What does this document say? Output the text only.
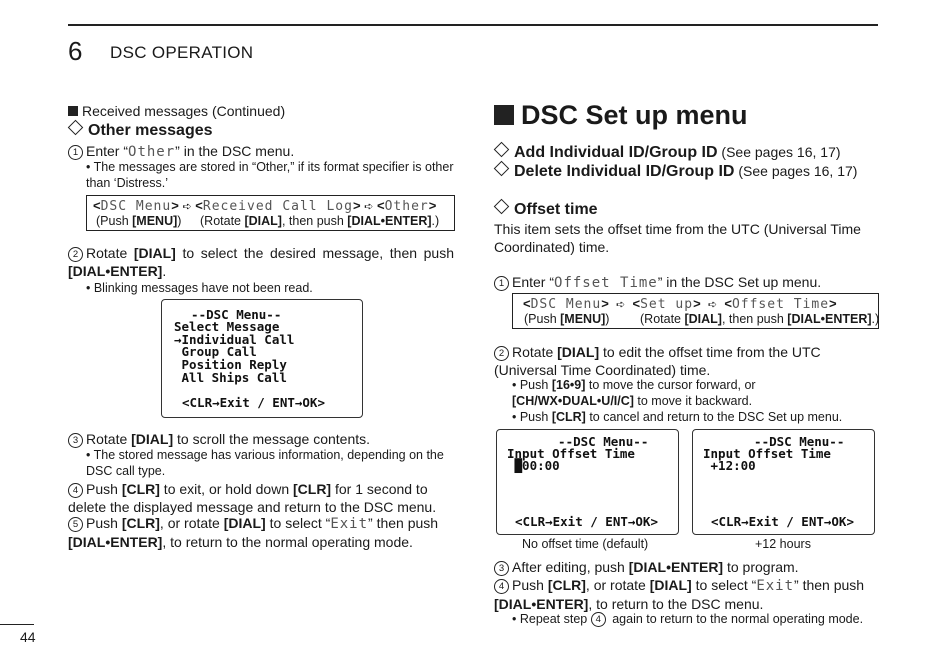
6 DSC OPERATION
Received messages (Continued)
Other messages
1 Enter “Other” in the DSC menu.
• The messages are stored in “Other,” if its format specifier is other than ‘Distress.’
<DSC Menu> ➪ <Received Call Log> ➪ <Other>
(Push [MENU]) (Rotate [DIAL], then push [DIAL•ENTER].)
2 Rotate [DIAL] to select the desired message, then push [DIAL•ENTER].
• Blinking messages have not been read.
--DSC Menu--
Select Message
→Individual Call
Group Call
Position Reply
All Ships Call
<CLR→Exit / ENT→OK>
3 Rotate [DIAL] to scroll the message contents.
• The stored message has various information, depending on the DSC call type.
4 Push [CLR] to exit, or hold down [CLR] for 1 second to delete the displayed message and return to the DSC menu.
5 Push [CLR], or rotate [DIAL] to select “Exit” then push [DIAL•ENTER], to return to the normal operating mode.
DSC Set up menu
Add Individual ID/Group ID (See pages 16, 17)
Delete Individual ID/Group ID (See pages 16, 17)
Offset time
This item sets the offset time from the UTC (Universal Time Coordinated) time.
1 Enter “Offset Time” in the DSC Set up menu.
<DSC Menu> ➪ <Set up> ➪ <Offset Time>
(Push [MENU]) (Rotate [DIAL], then push [DIAL•ENTER].)
2 Rotate [DIAL] to edit the offset time from the UTC (Universal Time Coordinated) time.
• Push [16•9] to move the cursor forward, or [CH/WX•DUAL•U/I/C] to move it backward.
• Push [CLR] to cancel and return to the DSC Set up menu.
--DSC Menu--
Input Offset Time
█00:00
<CLR→Exit / ENT→OK>
No offset time (default)
--DSC Menu--
Input Offset Time
+12:00
<CLR→Exit / ENT→OK>
+12 hours
3 After editing, push [DIAL•ENTER] to program.
4 Push [CLR], or rotate [DIAL] to select “Exit” then push [DIAL•ENTER], to return to the DSC menu.
• Repeat step 4 again to return to the normal operating mode.
44
